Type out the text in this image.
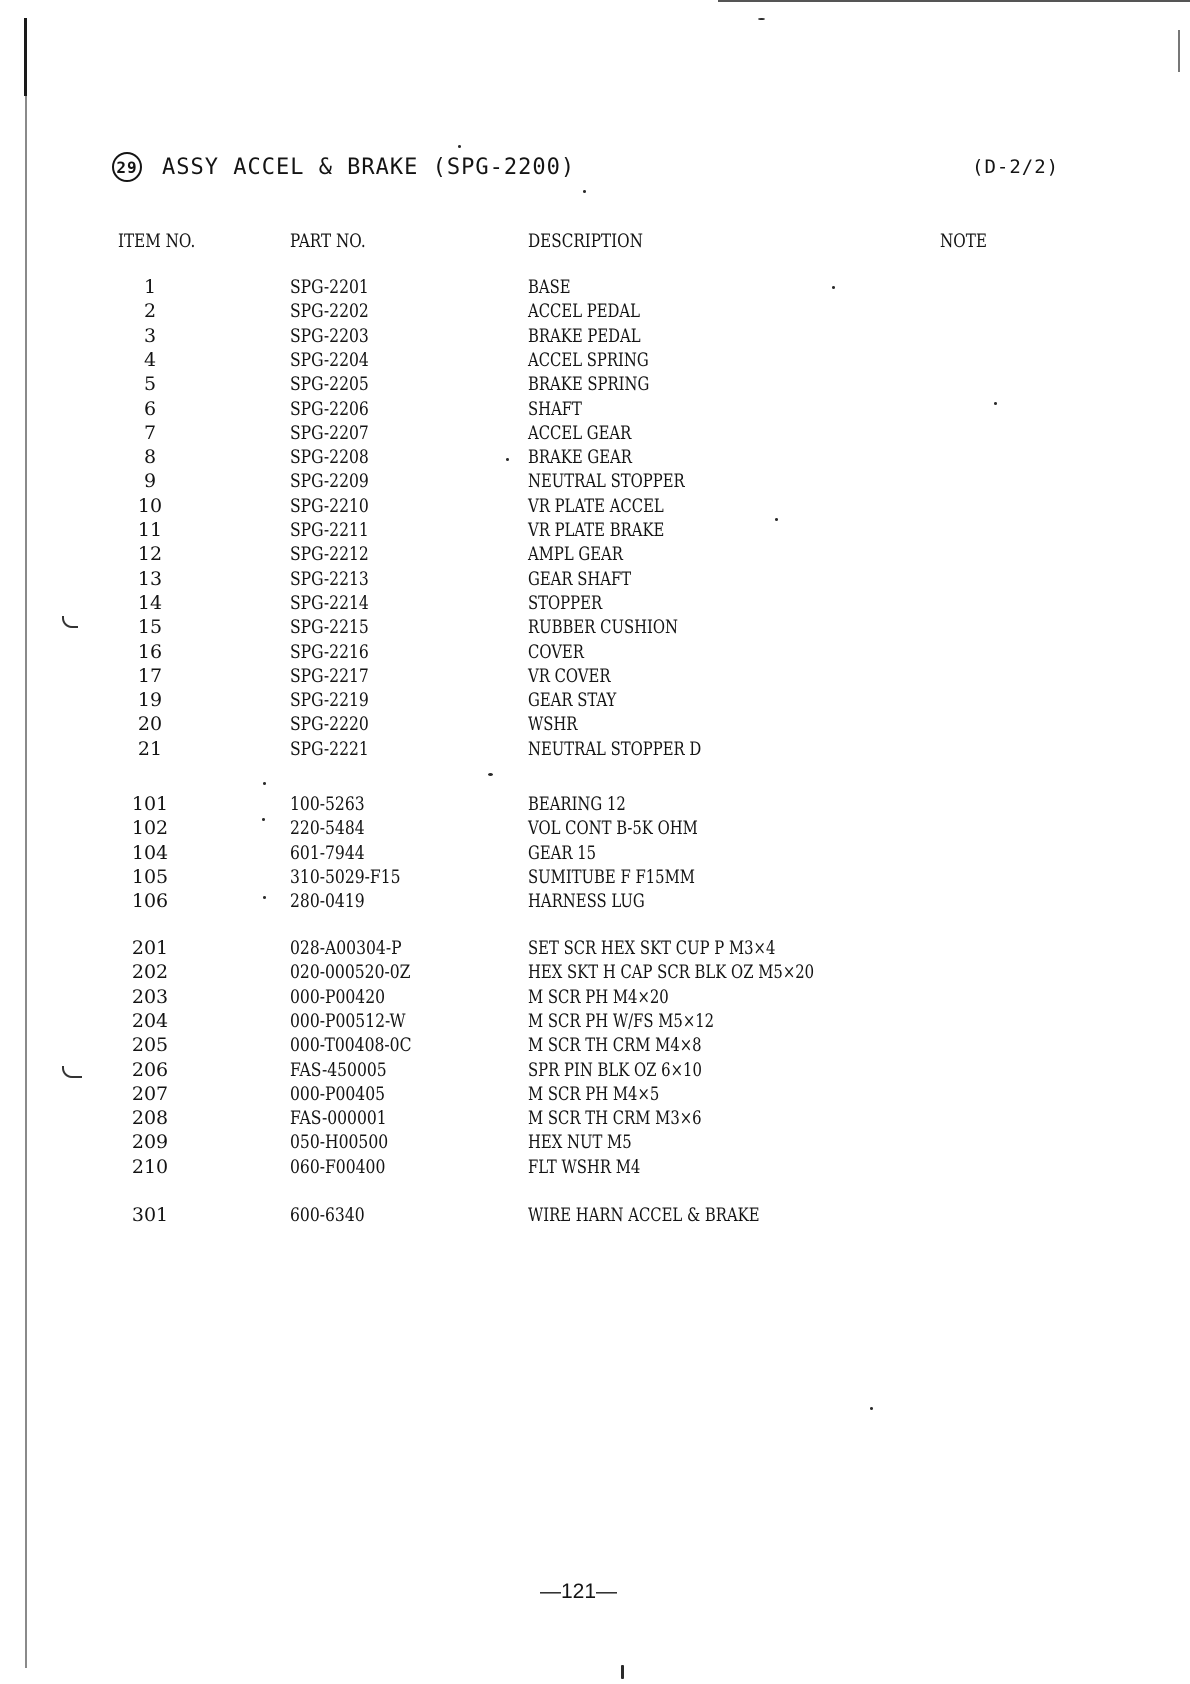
29 ASSY ACCEL & BRAKE (SPG-2200)	(D-2/2)
ITEM NO.	PART NO.	DESCRIPTION	NOTE
1	SPG-2201	BASE
2	SPG-2202	ACCEL PEDAL
3	SPG-2203	BRAKE PEDAL
4	SPG-2204	ACCEL SPRING
5	SPG-2205	BRAKE SPRING
6	SPG-2206	SHAFT
7	SPG-2207	ACCEL GEAR
8	SPG-2208	BRAKE GEAR
9	SPG-2209	NEUTRAL STOPPER
10	SPG-2210	VR PLATE ACCEL
11	SPG-2211	VR PLATE BRAKE
12	SPG-2212	AMPL GEAR
13	SPG-2213	GEAR SHAFT
14	SPG-2214	STOPPER
15	SPG-2215	RUBBER CUSHION
16	SPG-2216	COVER
17	SPG-2217	VR COVER
19	SPG-2219	GEAR STAY
20	SPG-2220	WSHR
21	SPG-2221	NEUTRAL STOPPER D
101	100-5263	BEARING 12
102	220-5484	VOL CONT B-5K OHM
104	601-7944	GEAR 15
105	310-5029-F15	SUMITUBE F F15MM
106	280-0419	HARNESS LUG
201	028-A00304-P	SET SCR HEX SKT CUP P M3×4
202	020-000520-0Z	HEX SKT H CAP SCR BLK OZ M5×20
203	000-P00420	M SCR PH M4×20
204	000-P00512-W	M SCR PH W/FS M5×12
205	000-T00408-0C	M SCR TH CRM M4×8
206	FAS-450005	SPR PIN BLK OZ 6×10
207	000-P00405	M SCR PH M4×5
208	FAS-000001	M SCR TH CRM M3×6
209	050-H00500	HEX NUT M5
210	060-F00400	FLT WSHR M4
301	600-6340	WIRE HARN ACCEL & BRAKE
—121—
